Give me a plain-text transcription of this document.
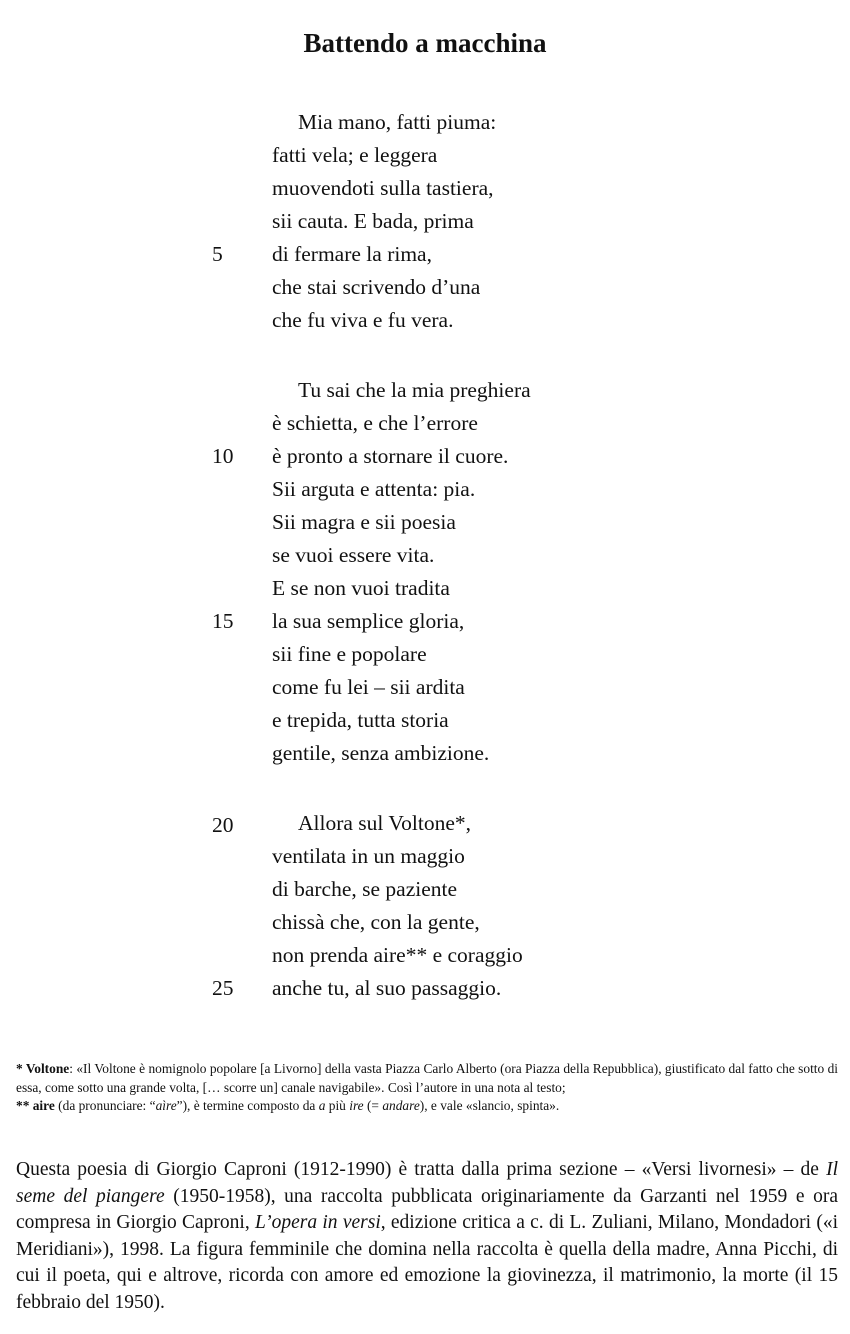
Battendo a macchina
Mia mano, fatti piuma:
fatti vela; e leggera
muovendoti sulla tastiera,
sii cauta. E bada, prima
5 di fermare la rima,
che stai scrivendo d’una
che fu viva e fu vera.
Tu sai che la mia preghiera
è schietta, e che l’errore
10 è pronto a stornare il cuore.
Sii arguta e attenta: pia.
Sii magra e sii poesia
se vuoi essere vita.
E se non vuoi tradita
15 la sua semplice gloria,
sii fine e popolare
come fu lei – sii ardita
e trepida, tutta storia
gentile, senza ambizione.
20	Allora sul Voltone*,
ventilata in un maggio
di barche, se paziente
chissà che, con la gente,
non prenda aire** e coraggio
25 anche tu, al suo passaggio.

* Voltone: «Il Voltone è nomignolo popolare [a Livorno] della vasta Piazza Carlo Alberto (ora Piazza della Repubblica), giustificato dal fatto che sotto di essa, come sotto una grande volta, [… scorre un] canale navigabile». Così l’autore in una nota al testo;

** aire (da pronunciare: “aìre”), è termine composto da a più ire (= andare), e vale «slancio, spinta».

Questa poesia di Giorgio Caproni (1912-1990) è tratta dalla prima sezione – «Versi livornesi» – de Il seme del piangere (1950-1958), una raccolta pubblicata originariamente da Garzanti nel 1959 e ora compresa in Giorgio Caproni, L’opera in versi, edizione critica a c. di L. Zuliani, Milano, Mondadori («i Meridiani»), 1998. La figura femminile che domina nella raccolta è quella della madre, Anna Picchi, di cui il poeta, qui e altrove, ricorda con amore ed emozione la giovinezza, il matrimonio, la morte (il 15 febbraio del 1950).
